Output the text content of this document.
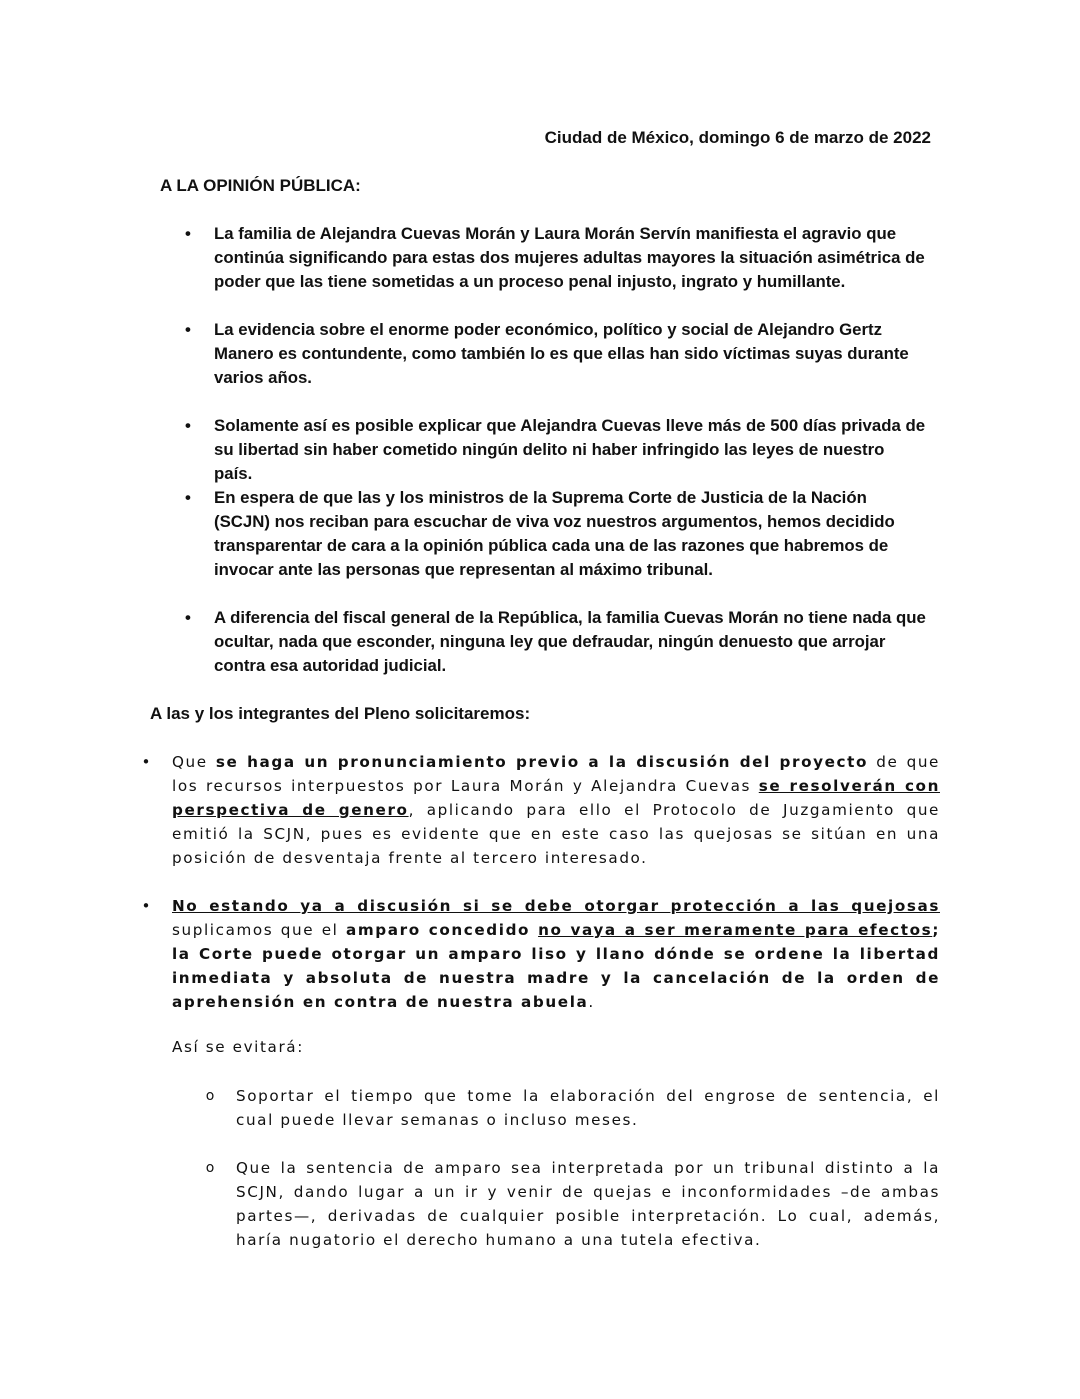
Ciudad de México, domingo 6 de marzo de 2022
A LA OPINIÓN PÚBLICA:
•	La familia de Alejandra Cuevas Morán y Laura Morán Servín manifiesta el agravio que continúa significando para estas dos mujeres adultas mayores la situación asimétrica de poder que las tiene sometidas a un proceso penal injusto, ingrato y humillante.
•	La evidencia sobre el enorme poder económico, político y social de Alejandro Gertz Manero es contundente, como también lo es que ellas han sido víctimas suyas durante varios años.
•	Solamente así es posible explicar que Alejandra Cuevas lleve más de 500 días privada de su libertad sin haber cometido ningún delito ni haber infringido las leyes de nuestro país.
•	En espera de que las y los ministros de la Suprema Corte de Justicia de la Nación (SCJN) nos reciban para escuchar de viva voz nuestros argumentos, hemos decidido transparentar de cara a la opinión pública cada una de las razones que habremos de invocar ante las personas que representan al máximo tribunal.
•	A diferencia del fiscal general de la República, la familia Cuevas Morán no tiene nada que ocultar, nada que esconder, ninguna ley que defraudar, ningún denuesto que arrojar contra esa autoridad judicial.
A las y los integrantes del Pleno solicitaremos:
• Que se haga un pronunciamiento previo a la discusión del proyecto de que los recursos interpuestos por Laura Morán y Alejandra Cuevas se resolverán con perspectiva de genero, aplicando para ello el Protocolo de Juzgamiento que emitió la SCJN, pues es evidente que en este caso las quejosas se sitúan en una posición de desventaja frente al tercero interesado.
• No estando ya a discusión si se debe otorgar protección a las quejosas suplicamos que el amparo concedido no vaya a ser meramente para efectos; la Corte puede otorgar un amparo liso y llano dónde se ordene la libertad inmediata y absoluta de nuestra madre y la cancelación de la orden de aprehensión en contra de nuestra abuela.
Así se evitará:
o	Soportar el tiempo que tome la elaboración del engrose de sentencia, el cual puede llevar semanas o incluso meses.
o	Que la sentencia de amparo sea interpretada por un tribunal distinto a la SCJN, dando lugar a un ir y venir de quejas e inconformidades –de ambas partes—, derivadas de cualquier posible interpretación. Lo cual, además, haría nugatorio el derecho humano a una tutela efectiva.
